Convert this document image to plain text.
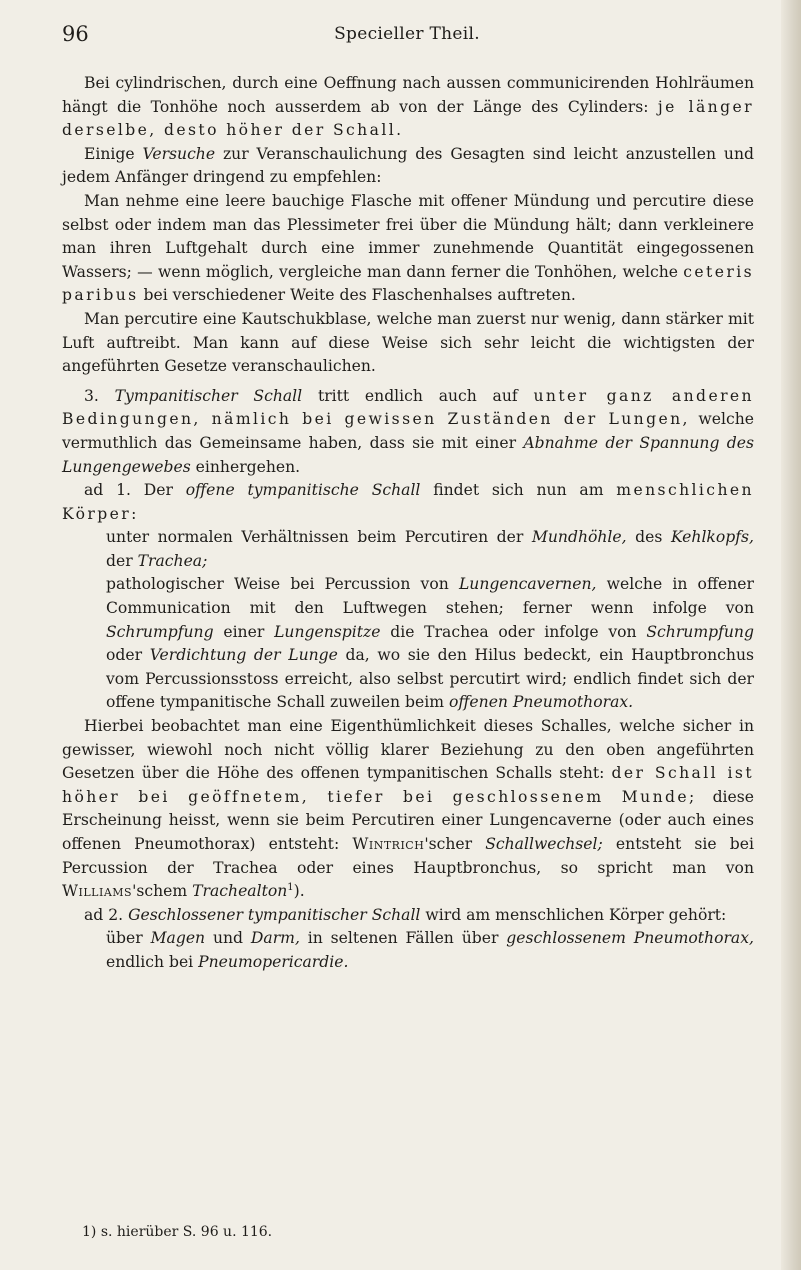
96	Specieller Theil.

Bei cylindrischen, durch eine Oeffnung nach aussen communicirenden Hohlräumen hängt die Tonhöhe noch ausserdem ab von der Länge des Cylinders: je länger derselbe, desto höher der Schall.

Einige Versuche zur Veranschaulichung des Gesagten sind leicht anzustellen und jedem Anfänger dringend zu empfehlen:

Man nehme eine leere bauchige Flasche mit offener Mündung und percutire diese selbst oder indem man das Plessimeter frei über die Mündung hält; dann verkleinere man ihren Luftgehalt durch eine immer zunehmende Quantität eingegossenen Wassers; — wenn möglich, vergleiche man dann ferner die Tonhöhen, welche ceteris paribus bei verschiedener Weite des Flaschenhalses auftreten.

Man percutire eine Kautschukblase, welche man zuerst nur wenig, dann stärker mit Luft auftreibt. Man kann auf diese Weise sich sehr leicht die wichtigsten der angeführten Gesetze veranschaulichen.

3. Tympanitischer Schall tritt endlich auch auf unter ganz anderen Bedingungen, nämlich bei gewissen Zuständen der Lungen, welche vermuthlich das Gemeinsame haben, dass sie mit einer Abnahme der Spannung des Lungengewebes einhergehen.

ad 1. Der offene tympanitische Schall findet sich nun am menschlichen Körper:

unter normalen Verhältnissen beim Percutiren der Mundhöhle, des Kehlkopfs, der Trachea;

pathologischer Weise bei Percussion von Lungencavernen, welche in offener Communication mit den Luftwegen stehen; ferner wenn infolge von Schrumpfung einer Lungenspitze die Trachea oder infolge von Schrumpfung oder Verdichtung der Lunge da, wo sie den Hilus bedeckt, ein Hauptbronchus vom Percussionsstoss erreicht, also selbst percutirt wird; endlich findet sich der offene tympanitische Schall zuweilen beim offenen Pneumothorax.

Hierbei beobachtet man eine Eigenthümlichkeit dieses Schalles, welche sicher in gewisser, wiewohl noch nicht völlig klarer Beziehung zu den oben angeführten Gesetzen über die Höhe des offenen tympanitischen Schalls steht: der Schall ist höher bei geöffnetem, tiefer bei geschlossenem Munde; diese Erscheinung heisst, wenn sie beim Percutiren einer Lungencaverne (oder auch eines offenen Pneumothorax) entsteht: Wintrich'scher Schallwechsel; entsteht sie bei Percussion der Trachea oder eines Hauptbronchus, so spricht man von Williams'schem Trachealton$^1$).

ad 2. Geschlossener tympanitischer Schall wird am menschlichen Körper gehört:

über Magen und Darm, in seltenen Fällen über geschlossenem Pneumothorax, endlich bei Pneumopericardie.

1) s. hierüber S. 96 u. 116.
